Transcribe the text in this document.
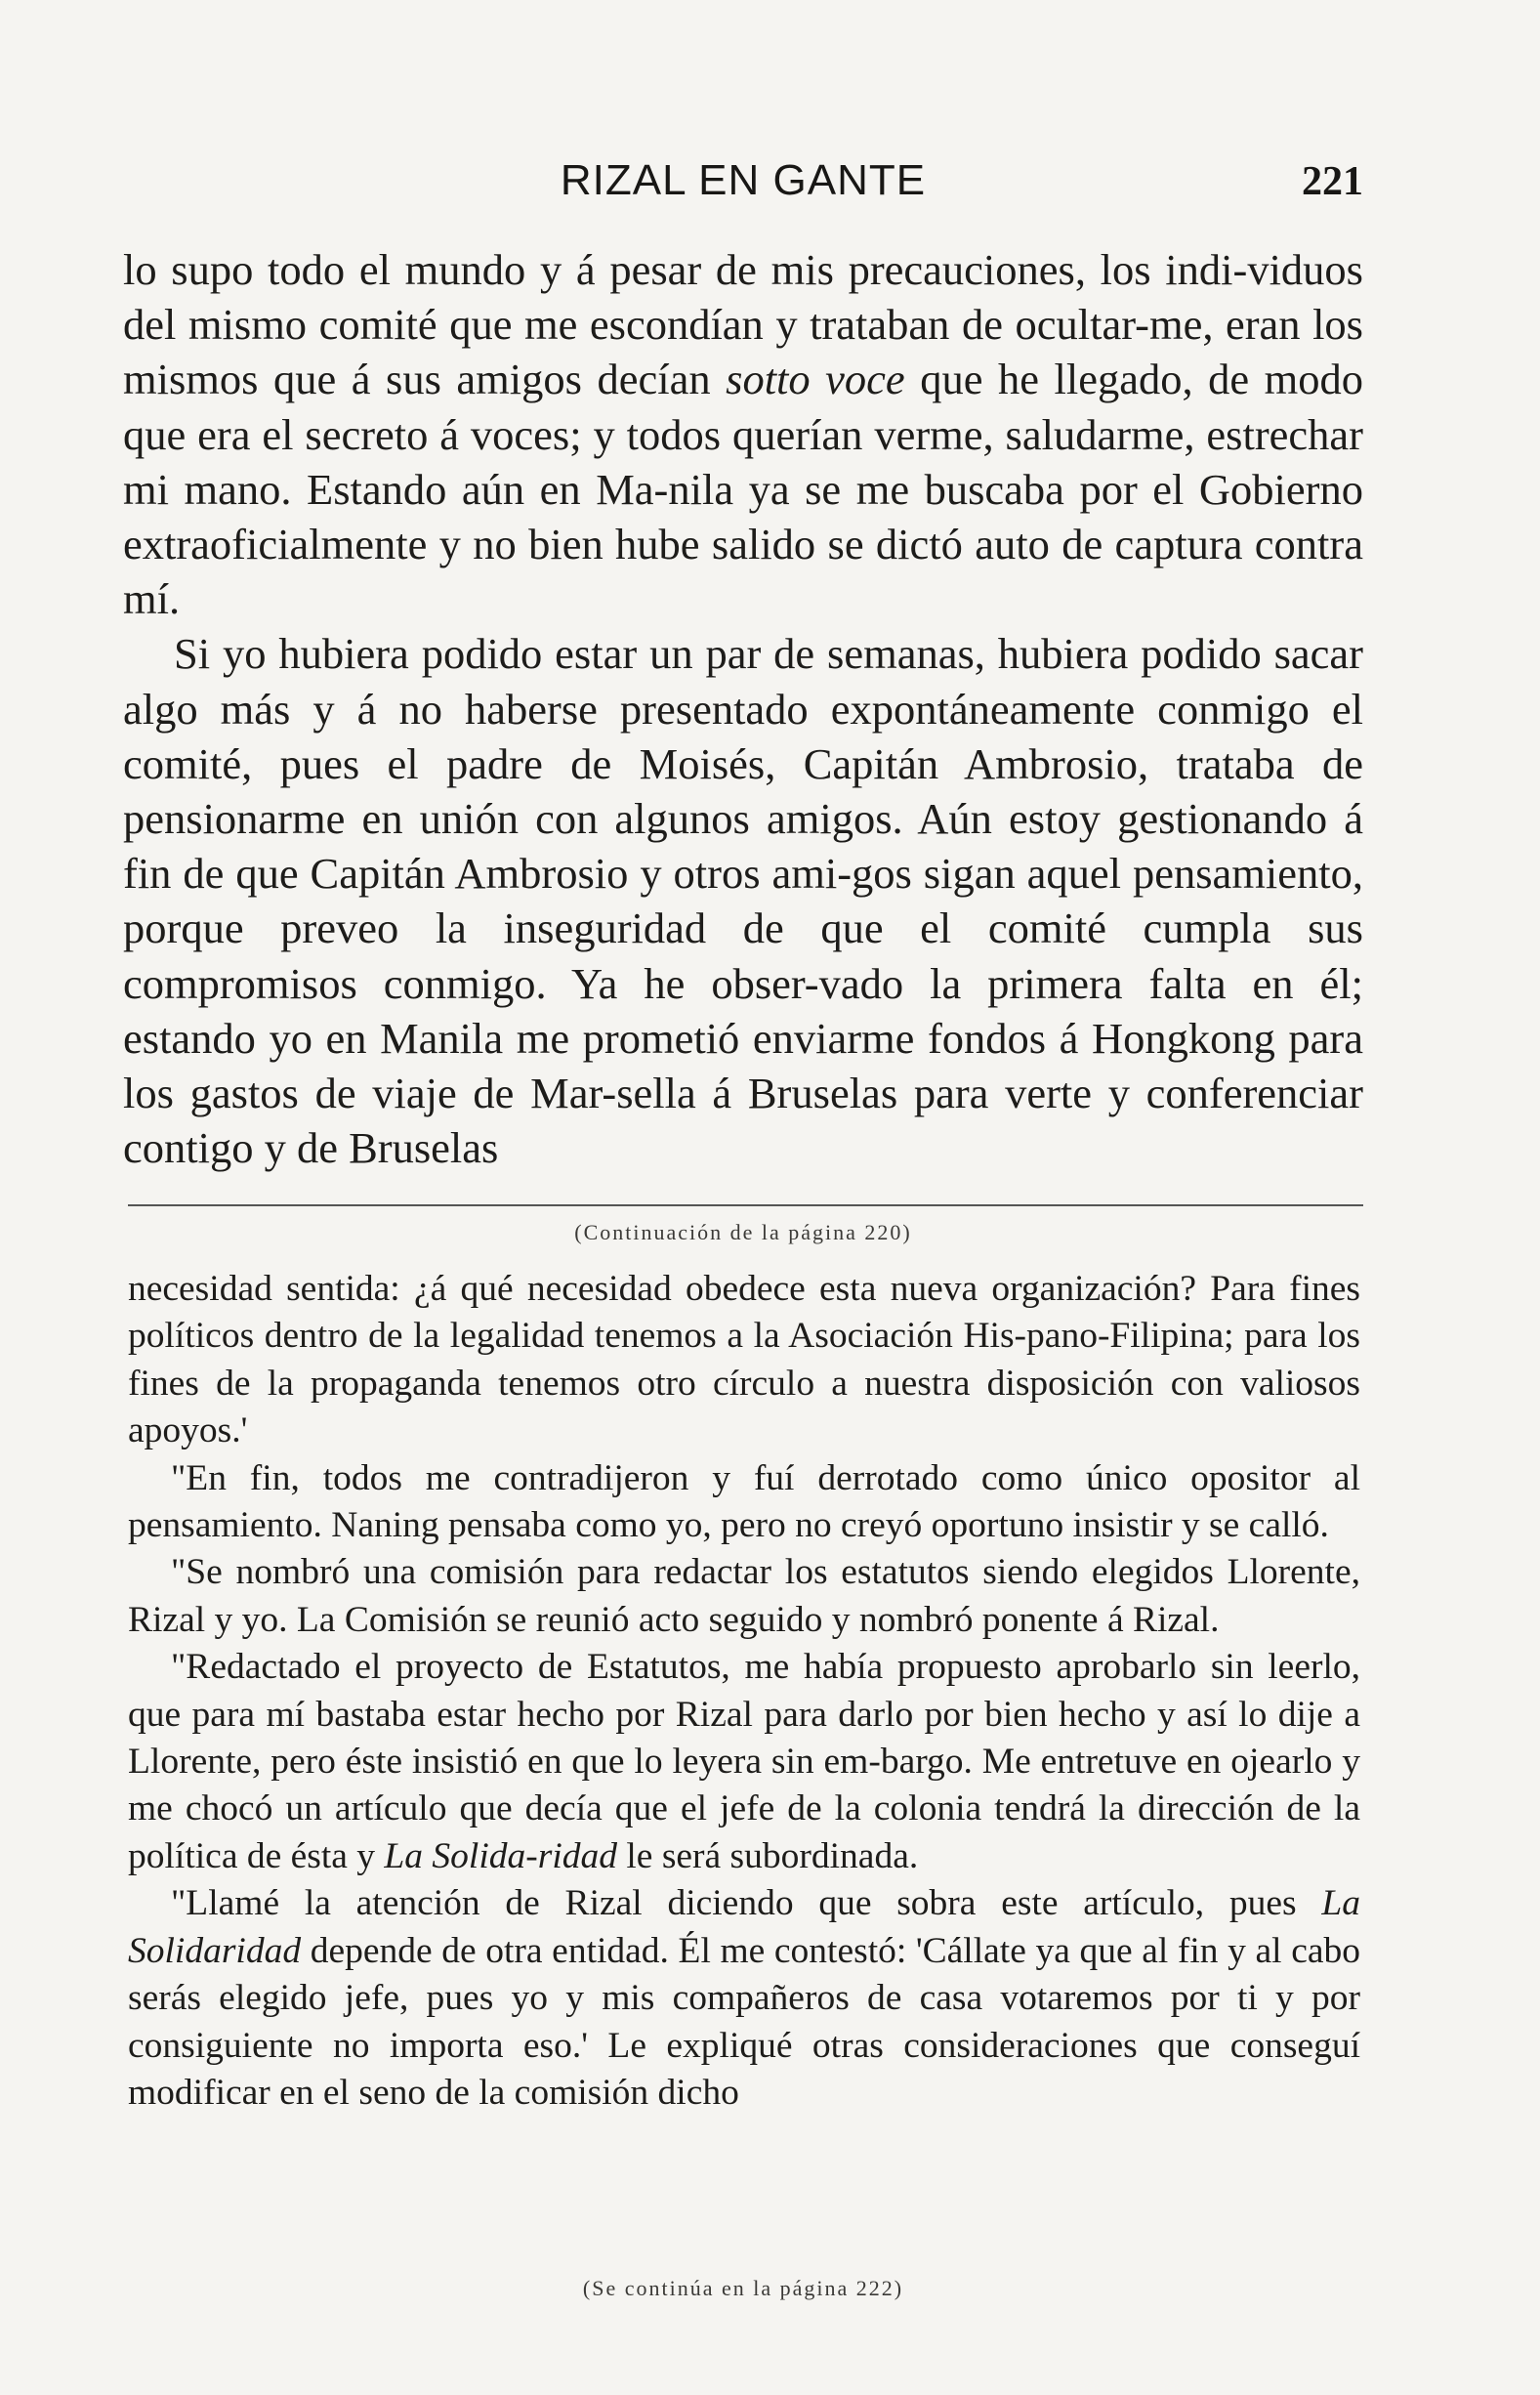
RIZAL EN GANTE	221

lo supo todo el mundo y á pesar de mis precauciones, los indi-viduos del mismo comité que me escondían y trataban de ocultar-me, eran los mismos que á sus amigos decían sotto voce que he llegado, de modo que era el secreto á voces; y todos querían verme, saludarme, estrechar mi mano. Estando aún en Ma-nila ya se me buscaba por el Gobierno extraoficialmente y no bien hube salido se dictó auto de captura contra mí.

Si yo hubiera podido estar un par de semanas, hubiera podido sacar algo más y á no haberse presentado expontáneamente conmigo el comité, pues el padre de Moisés, Capitán Ambrosio, trataba de pensionarme en unión con algunos amigos. Aún estoy gestionando á fin de que Capitán Ambrosio y otros ami-gos sigan aquel pensamiento, porque preveo la inseguridad de que el comité cumpla sus compromisos conmigo. Ya he obser-vado la primera falta en él; estando yo en Manila me prometió enviarme fondos á Hongkong para los gastos de viaje de Mar-sella á Bruselas para verte y conferenciar contigo y de Bruselas

(Continuación de la página 220)

necesidad sentida: ¿á qué necesidad obedece esta nueva organización? Para fines políticos dentro de la legalidad tenemos a la Asociación His-pano-Filipina; para los fines de la propaganda tenemos otro círculo a nuestra disposición con valiosos apoyos.'

"En fin, todos me contradijeron y fuí derrotado como único opositor al pensamiento. Naning pensaba como yo, pero no creyó oportuno insistir y se calló.

"Se nombró una comisión para redactar los estatutos siendo elegidos Llorente, Rizal y yo. La Comisión se reunió acto seguido y nombró ponente á Rizal.

"Redactado el proyecto de Estatutos, me había propuesto aprobarlo sin leerlo, que para mí bastaba estar hecho por Rizal para darlo por bien hecho y así lo dije a Llorente, pero éste insistió en que lo leyera sin em-bargo. Me entretuve en ojearlo y me chocó un artículo que decía que el jefe de la colonia tendrá la dirección de la política de ésta y La Solida-ridad le será subordinada.

"Llamé la atención de Rizal diciendo que sobra este artículo, pues La Solidaridad depende de otra entidad. Él me contestó: 'Cállate ya que al fin y al cabo serás elegido jefe, pues yo y mis compañeros de casa votaremos por ti y por consiguiente no importa eso.' Le expliqué otras consideraciones que conseguí modificar en el seno de la comisión dicho

(Se continúa en la página 222)
